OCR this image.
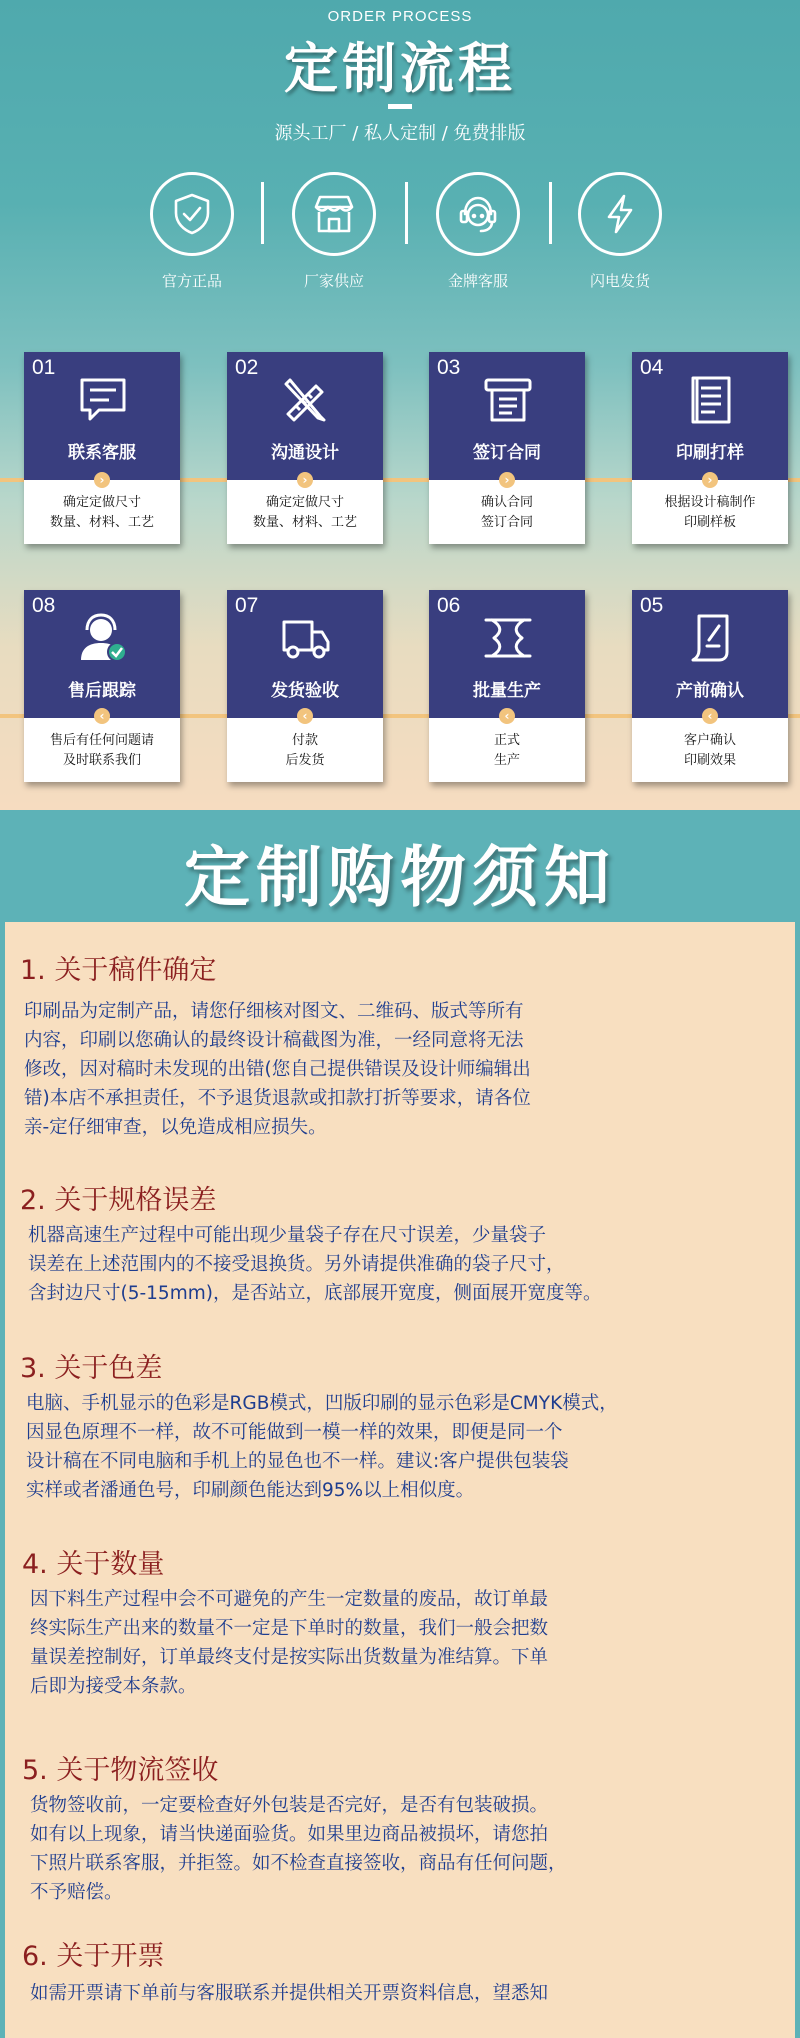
ORDER PROCESS
定制流程
源头工厂 / 私人定制 / 免费排版
官方正品	厂家供应	金牌客服	闪电发货
01
联系客服
确定定做尺寸
数量、材料、工艺
02
沟通设计
确定定做尺寸
数量、材料、工艺
03
签订合同
确认合同
签订合同
04
印刷打样
根据设计稿制作
印刷样板
08
售后跟踪
售后有任何问题请
及时联系我们
07
发货验收
付款
后发货
06
批量生产
正式
生产
05
产前确认
客户确认
印刷效果
›	›	›	›
‹	‹	‹	‹
定制购物须知
1. 关于稿件确定

印刷品为定制产品，请您仔细核对图文、二维码、版式等所有
内容，印刷以您确认的最终设计稿截图为准，一经同意将无法
修改，因对稿时未发现的出错(您自己提供错误及设计师编辑出
错)本店不承担责任，不予退货退款或扣款打折等要求，请各位
亲-定仔细审查，以免造成相应损失。

2. 关于规格误差

机器高速生产过程中可能出现少量袋子存在尺寸误差，少量袋子
误差在上述范围内的不接受退换货。另外请提供准确的袋子尺寸，
含封边尺寸(5-15mm)，是否站立，底部展开宽度，侧面展开宽度等。

3. 关于色差

电脑、手机显示的色彩是RGB模式，凹版印刷的显示色彩是CMYK模式，
因显色原理不一样，故不可能做到一模一样的效果，即便是同一个
设计稿在不同电脑和手机上的显色也不一样。建议:客户提供包装袋
实样或者潘通色号，印刷颜色能达到95%以上相似度。

4. 关于数量

因下料生产过程中会不可避免的产生一定数量的废品，故订单最
终实际生产出来的数量不一定是下单时的数量，我们一般会把数
量误差控制好，订单最终支付是按实际出货数量为准结算。下单
后即为接受本条款。

5. 关于物流签收

货物签收前，一定要检查好外包装是否完好，是否有包装破损。
如有以上现象，请当快递面验货。如果里边商品被损坏，请您拍
下照片联系客服，并拒签。如不检查直接签收，商品有任何问题，
不予赔偿。

6. 关于开票

如需开票请下单前与客服联系并提供相关开票资料信息，望悉知
